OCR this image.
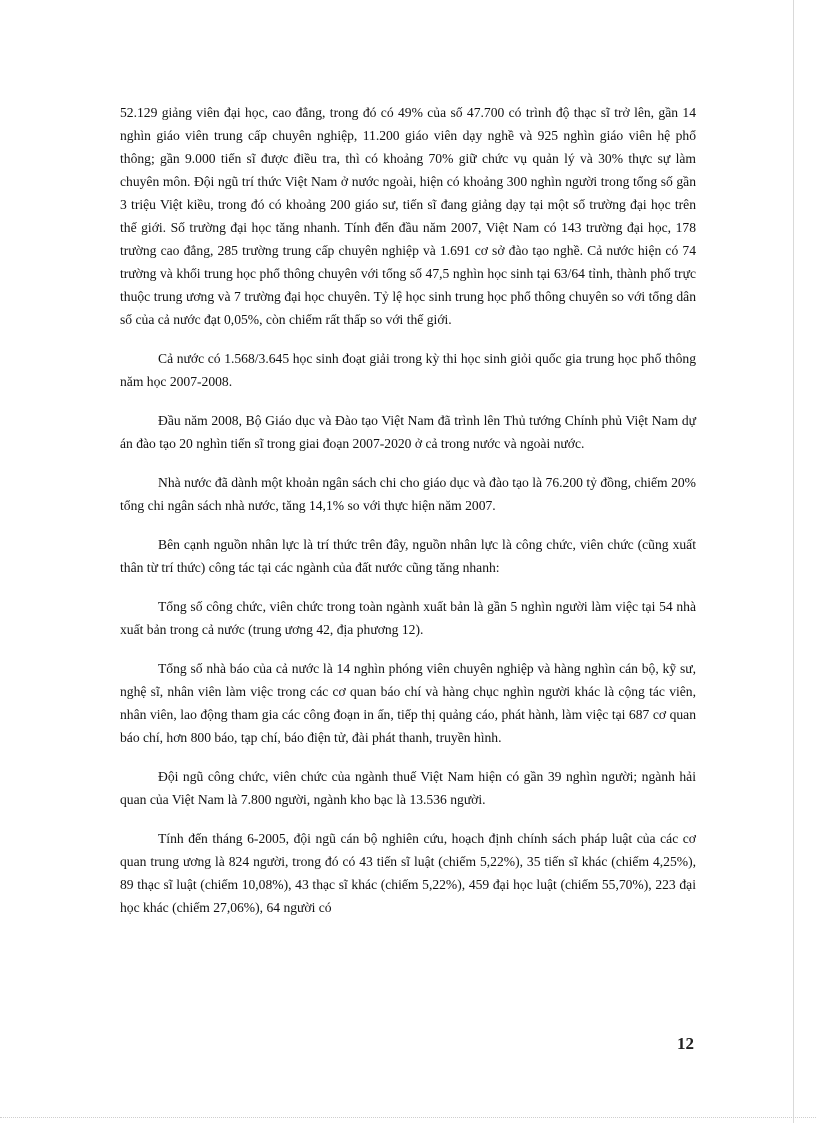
52.129 giảng viên đại học, cao đẳng, trong đó có 49% của số 47.700 có trình độ thạc sĩ trở lên, gần 14 nghìn giáo viên trung cấp chuyên nghiệp, 11.200 giáo viên dạy nghề và 925 nghìn giáo viên hệ phổ thông; gần 9.000 tiến sĩ được điều tra, thì có khoảng 70% giữ chức vụ quản lý và 30% thực sự làm chuyên môn. Đội ngũ trí thức Việt Nam ở nước ngoài, hiện có khoảng 300 nghìn người trong tổng số gần 3 triệu Việt kiều, trong đó có khoảng 200 giáo sư, tiến sĩ đang giảng dạy tại một số trường đại học trên thế giới. Số trường đại học tăng nhanh. Tính đến đầu năm 2007, Việt Nam có 143 trường đại học, 178 trường cao đẳng, 285 trường trung cấp chuyên nghiệp và 1.691 cơ sở đào tạo nghề. Cả nước hiện có 74 trường và khối trung học phổ thông chuyên với tổng số 47,5 nghìn học sinh tại 63/64 tỉnh, thành phố trực thuộc trung ương và 7 trường đại học chuyên. Tỷ lệ học sinh trung học phổ thông chuyên so với tổng dân số của cả nước đạt 0,05%, còn chiếm rất thấp so với thế giới.

Cả nước có 1.568/3.645 học sinh đoạt giải trong kỳ thi học sinh giỏi quốc gia trung học phổ thông năm học 2007-2008.

Đầu năm 2008, Bộ Giáo dục và Đào tạo Việt Nam đã trình lên Thủ tướng Chính phủ Việt Nam dự án đào tạo 20 nghìn tiến sĩ trong giai đoạn 2007-2020 ở cả trong nước và ngoài nước.

Nhà nước đã dành một khoản ngân sách chi cho giáo dục và đào tạo là 76.200 tỷ đồng, chiếm 20% tổng chi ngân sách nhà nước, tăng 14,1% so với thực hiện năm 2007.

Bên cạnh nguồn nhân lực là trí thức trên đây, nguồn nhân lực là công chức, viên chức (cũng xuất thân từ trí thức) công tác tại các ngành của đất nước cũng tăng nhanh:

Tổng số công chức, viên chức trong toàn ngành xuất bản là gần 5 nghìn người làm việc tại 54 nhà xuất bản trong cả nước (trung ương 42, địa phương 12).

Tổng số nhà báo của cả nước là 14 nghìn phóng viên chuyên nghiệp và hàng nghìn cán bộ, kỹ sư, nghệ sĩ, nhân viên làm việc trong các cơ quan báo chí và hàng chục nghìn người khác là cộng tác viên, nhân viên, lao động tham gia các công đoạn in ấn, tiếp thị quảng cáo, phát hành, làm việc tại 687 cơ quan báo chí, hơn 800 báo, tạp chí, báo điện tử, đài phát thanh, truyền hình.

Đội ngũ công chức, viên chức của ngành thuế Việt Nam hiện có gần 39 nghìn người; ngành hải quan của Việt Nam là 7.800 người, ngành kho bạc là 13.536 người.

Tính đến tháng 6-2005, đội ngũ cán bộ nghiên cứu, hoạch định chính sách pháp luật của các cơ quan trung ương là 824 người, trong đó có 43 tiến sĩ luật (chiếm 5,22%), 35 tiến sĩ khác (chiếm 4,25%), 89 thạc sĩ luật (chiếm 10,08%), 43 thạc sĩ khác (chiếm 5,22%), 459 đại học luật (chiếm 55,70%), 223 đại học khác (chiếm 27,06%), 64 người có

12
